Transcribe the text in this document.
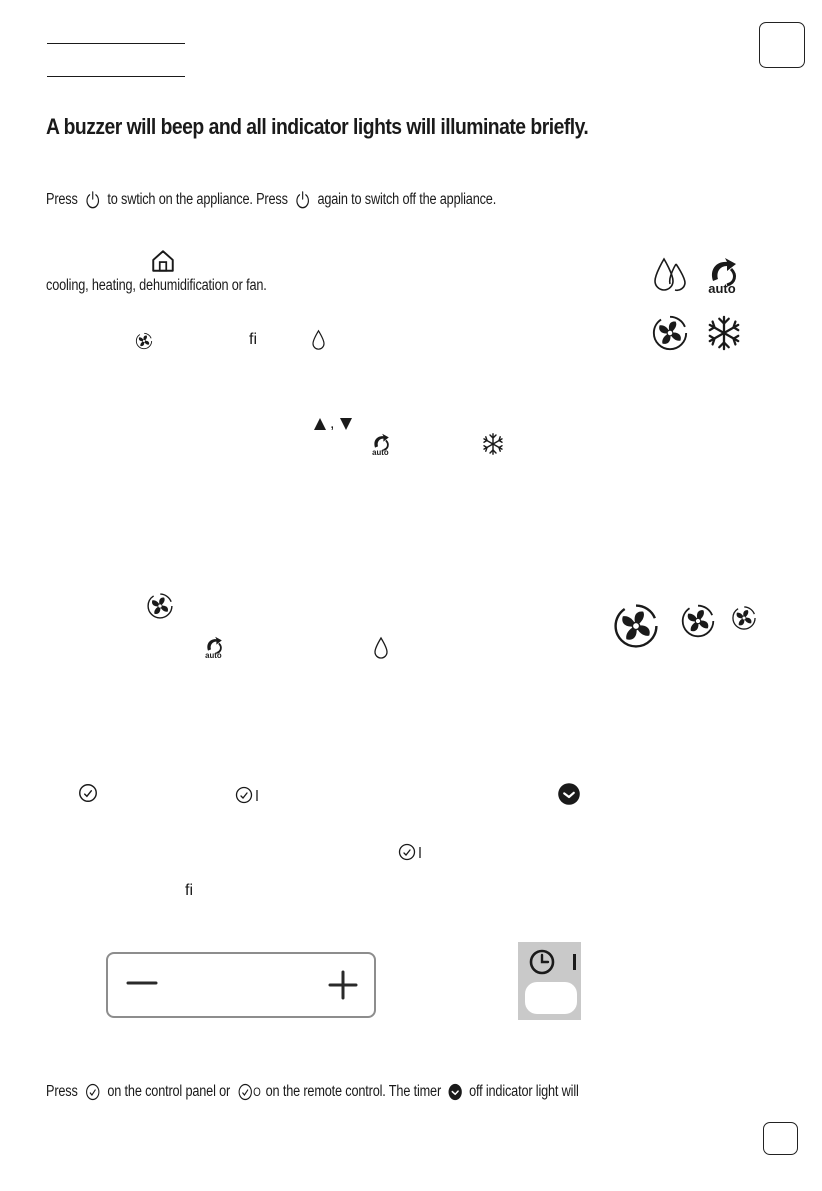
A buzzer will beep and all indicator lights will illuminate briefly.
Press to swtich on the appliance. Press again to switch off the appliance.
cooling, heating, dehumidification or fan.
fi
,
fi
Press on the control panel or O on the remote control. The timer off indicator light will
